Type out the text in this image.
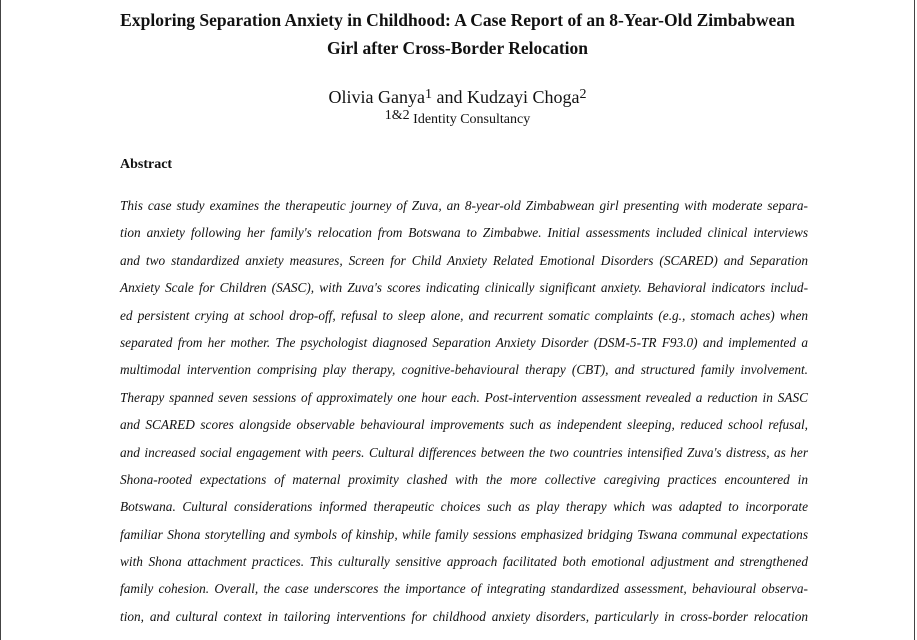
Exploring Separation Anxiety in Childhood: A Case Report of an 8-Year-Old Zimbabwean
Girl after Cross-Border Relocation
Olivia Ganya$^1$ and Kudzayi Choga$^2$
1&2 Identity Consultancy
Abstract
This case study examines the therapeutic journey of Zuva, an 8-year-old Zimbabwean girl presenting with moderate separa-
tion anxiety following her family's relocation from Botswana to Zimbabwe. Initial assessments included clinical interviews
and two standardized anxiety measures, Screen for Child Anxiety Related Emotional Disorders (SCARED) and Separation
Anxiety Scale for Children (SASC), with Zuva's scores indicating clinically significant anxiety. Behavioral indicators includ-
ed persistent crying at school drop-off, refusal to sleep alone, and recurrent somatic complaints (e.g., stomach aches) when
separated from her mother. The psychologist diagnosed Separation Anxiety Disorder (DSM-5-TR F93.0) and implemented a
multimodal intervention comprising play therapy, cognitive-behavioural therapy (CBT), and structured family involvement.
Therapy spanned seven sessions of approximately one hour each. Post-intervention assessment revealed a reduction in SASC
and SCARED scores alongside observable behavioural improvements such as independent sleeping, reduced school refusal,
and increased social engagement with peers. Cultural differences between the two countries intensified Zuva's distress, as her
Shona-rooted expectations of maternal proximity clashed with the more collective caregiving practices encountered in
Botswana. Cultural considerations informed therapeutic choices such as play therapy which was adapted to incorporate
familiar Shona storytelling and symbols of kinship, while family sessions emphasized bridging Tswana communal expectations
with Shona attachment practices. This culturally sensitive approach facilitated both emotional adjustment and strengthened
family cohesion. Overall, the case underscores the importance of integrating standardized assessment, behavioural observa-
tion, and cultural context in tailoring interventions for childhood anxiety disorders, particularly in cross-border relocation
